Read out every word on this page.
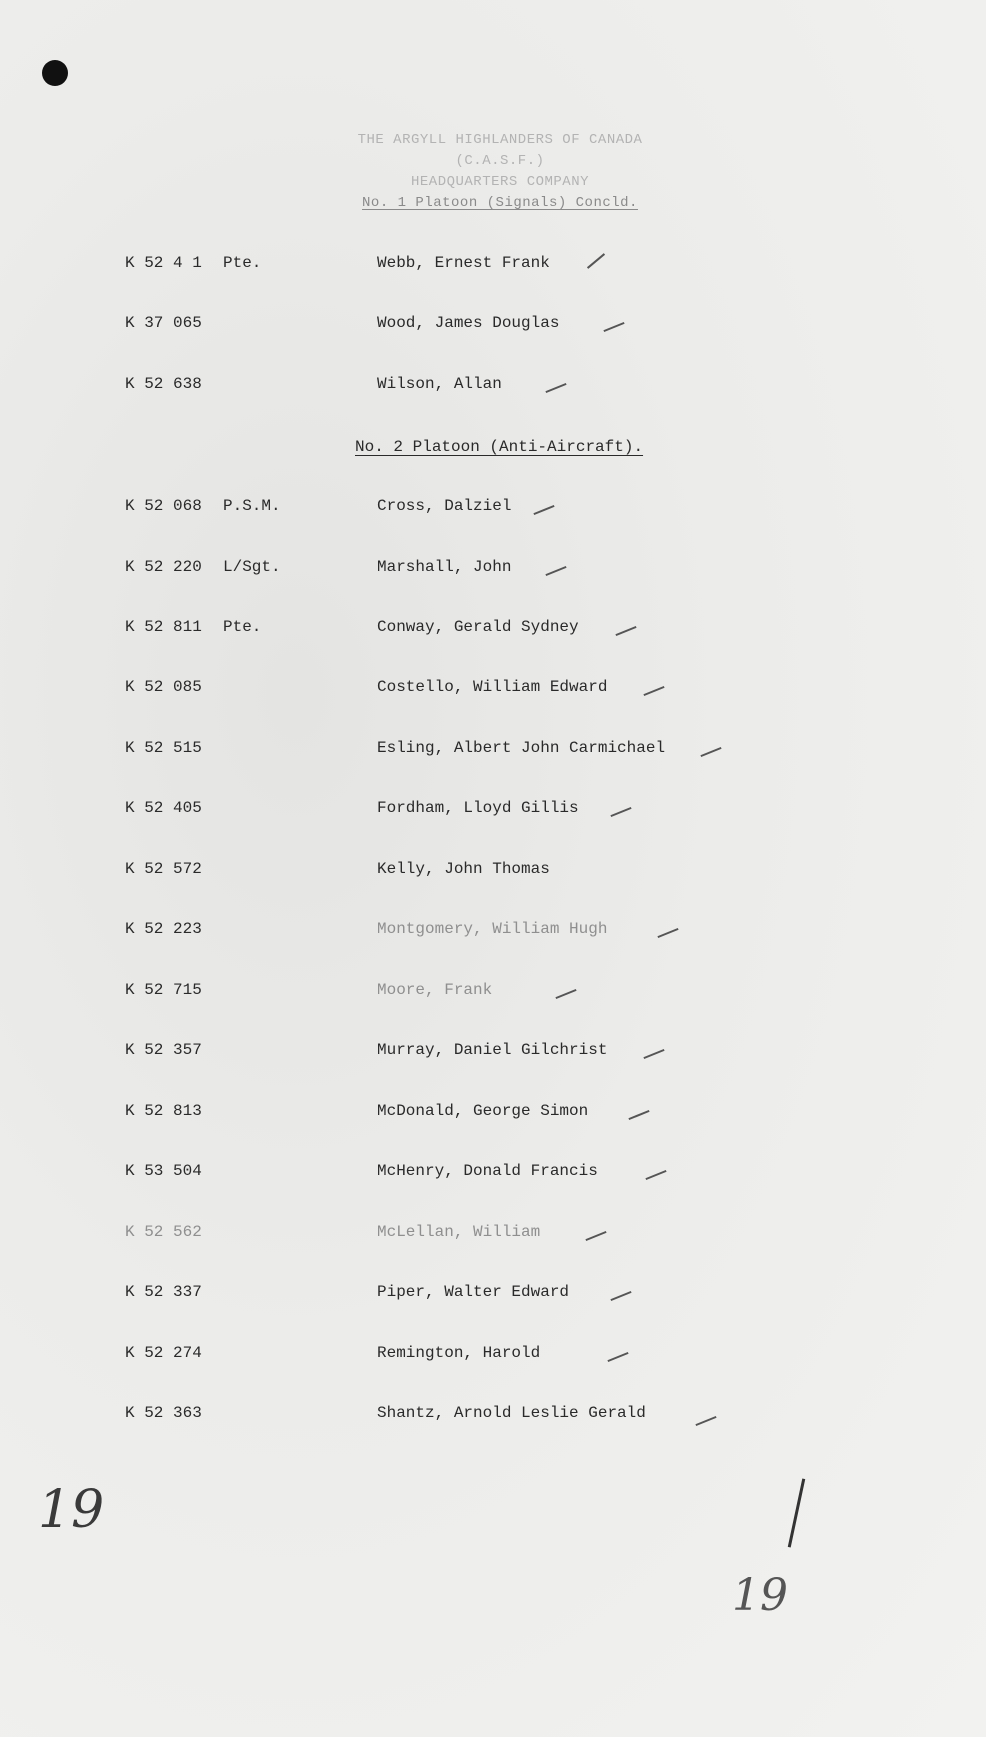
THE ARGYLL HIGHLANDERS OF CANADA
(C.A.S.F.)
HEADQUARTERS COMPANY
No. 1 Platoon (Signals) Concld.
K 52 4 1 Pte.	Webb, Ernest Frank
K 37 065	Wood, James Douglas
K 52 638	Wilson, Allan
No. 2 Platoon (Anti-Aircraft).
K 52 068 P.S.M.	Cross, Dalziel
K 52 220 L/Sgt.	Marshall, John
K 52 811 Pte.	Conway, Gerald Sydney
K 52 085	Costello, William Edward
K 52 515	Esling, Albert John Carmichael
K 52 405	Fordham, Lloyd Gillis
K 52 572	Kelly, John Thomas
K 52 223	Montgomery, William Hugh
K 52 715	Moore, Frank
K 52 357	Murray, Daniel Gilchrist
K 52 813	McDonald, George Simon
K 53 504	McHenry, Donald Francis
K 52 562	McLellan, William
K 52 337	Piper, Walter Edward
K 52 274	Remington, Harold
K 52 363	Shantz, Arnold Leslie Gerald
19
19
